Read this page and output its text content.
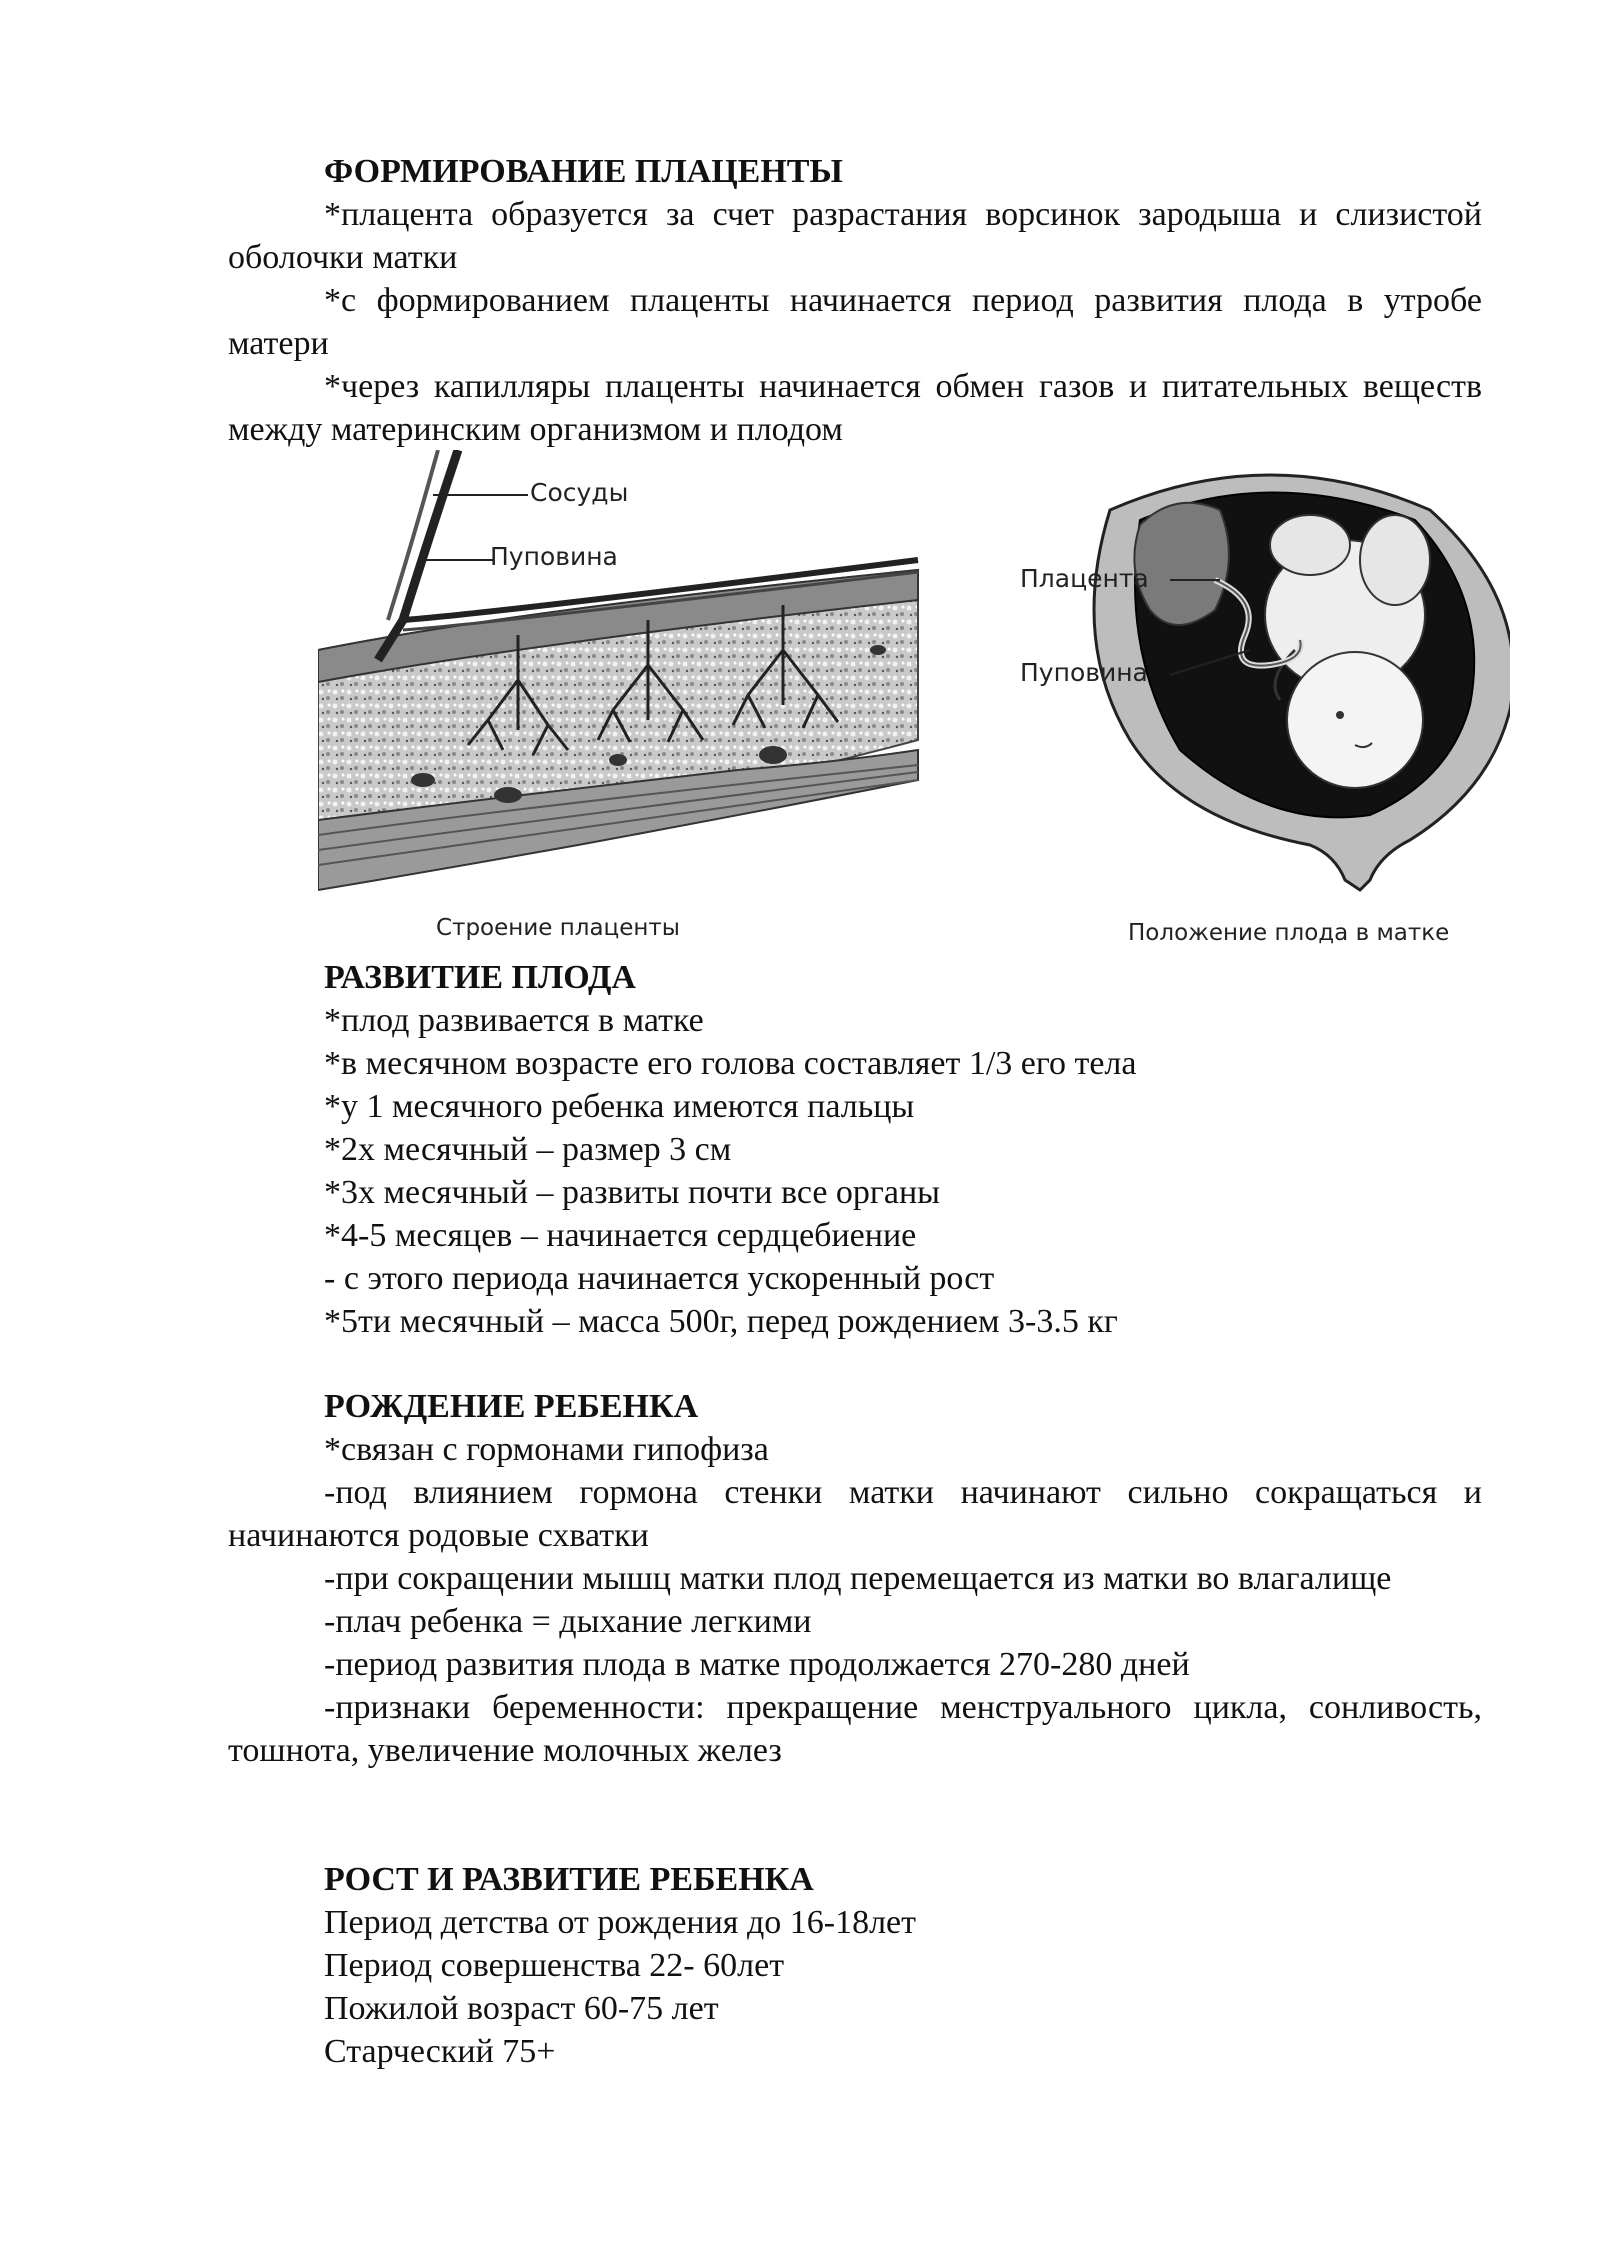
ФОРМИРОВАНИЕ ПЛАЦЕНТЫ
*плацента образуется за счет разрастания ворсинок зародыша и слизистой оболочки матки
*с формированием плаценты начинается период развития плода в утробе матери
*через капилляры плаценты начинается обмен газов и питательных веществ между материнским организмом и плодом
Сосуды
Пуповина
Строение плаценты
Плацента
Пуповина
Положение плода в матке
РАЗВИТИЕ ПЛОДА
*плод развивается в матке
*в месячном возрасте его голова составляет 1/3 его тела
*у 1 месячного ребенка имеются пальцы
*2х месячный – размер 3 см
*3х месячный – развиты почти все органы
*4-5 месяцев – начинается сердцебиение
- с этого периода начинается ускоренный рост
*5ти месячный – масса 500г, перед рождением 3-3.5 кг
РОЖДЕНИЕ РЕБЕНКА
*связан с гормонами гипофиза
-под влиянием гормона стенки матки начинают сильно сокращаться и начинаются родовые схватки
-при сокращении мышц матки плод перемещается из матки во влагалище
-плач ребенка = дыхание легкими
-период развития плода в матке продолжается 270-280 дней
-признаки беременности: прекращение менструального цикла, сонливость, тошнота, увеличение молочных желез
РОСТ И РАЗВИТИЕ РЕБЕНКА
Период детства от рождения до 16-18лет
Период совершенства 22- 60лет
Пожилой возраст 60-75 лет
Старческий 75+
